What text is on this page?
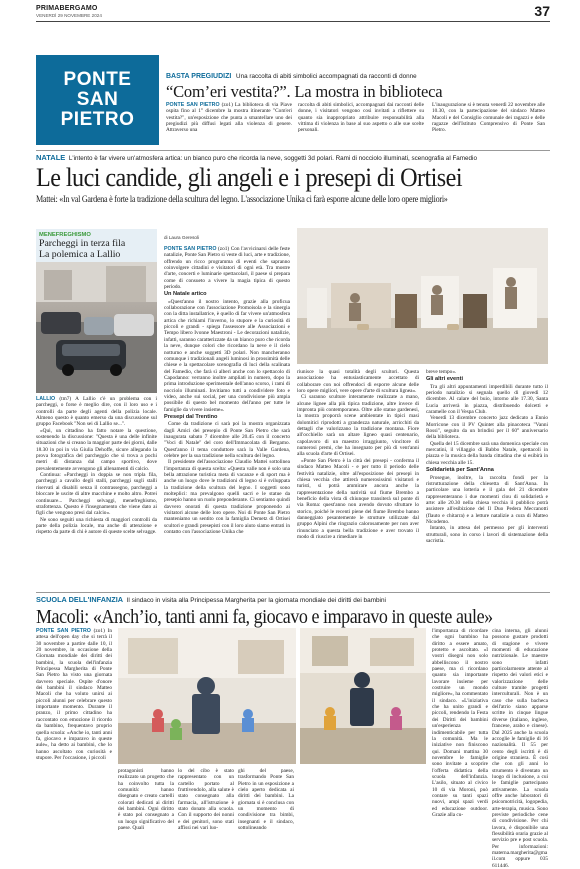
PRIMABERGAMO
VENERDÌ 29 NOVEMBRE 2024	37
PONTE
SAN
PIETRO
BASTA PREGIUDIZI Una raccolta di abiti simbolici accompagnati da racconti di donne
“Com’eri vestita?”. La mostra in biblioteca

PONTE SAN PIETRO (zo1) La biblioteca di via Piave ospita fino al 1° dicembre la mostra itinerante "Com'eri vestita?", un'esposizione che punta a smantellare uno dei pregiudizi più diffusi legati alla violenza di genere. Attraverso una

raccolta di abiti simbolici, accompagnati dai racconti delle donne, i visitatori vengono così invitati a riflettere su quanto sia inappropriato attribuire responsabilità alla vittima di violenza in base al suo aspetto o alle sue scelte personali.

L'inaugurazione si è tenuta venerdì 22 novembre alle 10.30, con la partecipazione del sindaco Matteo Macoli e del Consiglio comunale dei ragazzi e delle ragazze dell'Istituto Comprensivo di Ponte San Pietro.

NATALE L'intento è far vivere un'atmosfera artica: un bianco puro che ricorda la neve, soggetti 3d polari. Rami di nocciolo illuminati, scenografia al Famedio
Le luci candide, gli angeli e i presepi di Ortisei
Mattei: «In val Gardena è forte la tradizione della scultura del legno. L'associazione Unika ci farà esporre alcune delle loro opere migliori»
MENEFREGHISMO
Parcheggi in terza fila
La polemica a Lallio

LALLIO (tm7) A Lallio c'è un problema con i parcheggi, o forse è meglio dire, con il loro uso e i controlli da parte degli agenti della polizia locale. Almeno questo è quanto emerso da una discussione sul gruppo Facebook "Non sei di Lallio se...".

«Qui, un cittadino ha fatto notare la questione, sostenendo la discussione: "Questa è una delle infinite situazioni che si creano la maggior parte dei giorni, dalle 18.30 in poi in via Giulia Dehoffe, sicure allegando la prova fotografica del parcheggio che si trova a pochi metri di distanza dal campo sportivo, dove prevalentemente avvengono gli allenamenti di calcio.

Continua: «Parcheggi in doppia se non tripla fila, parcheggi a cavallo degli stalli, parcheggi sugli stalli riservati ai disabili senza il contrassegno, parcheggi a bloccare le uscite di altre macchine e molto altro. Potrei continuare... Parcheggi selvaggi, menefreghismo, strafottenza. Questo è l'insegnamento che viene dato ai figli che vengono presi dal calcio».

Ne sono seguiti una richiesta di maggiori controlli da parte della polizia locale, ma anche di attenzione e rispetto da parte di chi è autore di queste scelte selvagge.

di Laura Geresoli

PONTE SAN PIETRO (zo1) Con l'avvicinarsi delle feste natalizie, Ponte San Pietro si veste di luci, arte e tradizione, offrendo un ricco programma di eventi che sapranno coinvolgere cittadini e visitatori di ogni età. Tra mostre d'arte, concerti e luminarie spettacolari, il paese si prepara come di consueto a vivere la magia tipica di questo periodo.

Un Natale artico

«Quest'anno il nostro intento, grazie alla proficua collaborazione con l'associazione Promoisola e la sinergia con la ditta installatrice, è quello di far vivere un'atmosfera artica che richiami l'inverno, lo stupore e la curiosità di piccoli e grandi - spiega l'assessore alle Associazioni e Tempo libero Ivonne Maestroni - Le decorazioni natalizie, infatti, saranno caratterizzate da un bianco puro che ricorda la neve, dunque colori che ricordano la neve e il cielo notturno e anche soggetti 3D polari. Non mancheranno comunque i tradizionali angeli luminosi in prossimità delle chiese e la spettacolare scenografia di luci della scalinata del Famedio, che farà sì alberi anche con lo spettacolo di Capodanno: verranno inoltre ampliati in numero, dopo la prima introduzione sperimentale dell'anno scorso, i rami di nocciolo illuminati. Invitiamo tutti a condividere foto e video, anche sui social, per una condivisione più ampia possibile di questo bel momento dell'anno per tutte le famiglie da vivere insieme».

Presepi dal Trentino

Come da tradizione ci sarà poi la mostra organizzata dagli Amici dei presepio di Ponte San Pietro che sarà inaugurata sabato 7 dicembre alle 20.45 con il concerto "Voci di Natale" del coro dell'Immacolata di Bergamo. Quest'anno il tema conduttore sarà la Valle Gardena, celebre per la sua tradizione nella scultura del legno.

Il presidente dell'associazione Claudio Mattei sottolinea l'importanza di questa scelta: «Questa valle non è solo una bella attrazione turistica meta di vacanze e di sport ma è anche un luogo dove le tradizioni di legno si è sviluppata la tradizione della scultura del legno. I soggetti sono molteplici: ma prevalgono quelli sacri e le statue da presepio hanno un ruolo preponderante. Ci sentiamo quindi davvero onorati di questa tradizione proponendo ai visitatori alcune delle loro opere. Noi di Ponte San Pietro manteniamo un sentito con la famiglia Demetz di Ortisei scultori e grandi presepisti con il loro aiuto siamo entrati in contatto con l'associazione Unika che

riunisce la quasi totalità degli scultori. Questa associazione ha entusiasticamente accettato di collaborare con noi offrendoci di esporre alcune delle loro opere migliori, vere opere d'arte di scultura lignea».

Ci saranno sculture interamente realizzate a mano, alcune lignee alla più tipica tradizione, altre invece di impronta più contemporanea. Oltre alle statue gardenesi, la mostra proporrà scene ambientate in tipici masi dolomitici riprodotti a grandezza naturale, arricchiti da dettagli che valorizzano la tradizione montana. Fiore all'occhiello sarà un altare ligneo quasi centenario, capolavoro di un maestro irraggiunto, vincitore di numerosi premi, che ha insegnato per più di vent'anni alla scuola d'arte di Ortisei.

«Ponte San Pietro è la città dei presepi - conferma il sindaco Matteo Macoli - e per tutto il periodo delle festività natalizie, oltre all'esposizione dei presepi in chiesa vecchia che attirerà numerosissimi visitatori e turisti, si potrà ammirare ancora anche la rappresentazione della natività sul fiume Brembo a beneficio della vista di chiunque transiterà sul ponte di via Roma: quest'anno non avendo dovuto sfruttare lo storico, poiché le recenti piene del fiume Brembo hanno danneggiato pesantemente le strutture utilizzate dal gruppo Alpini che ringrazio calorosamente per non aver rinunciato a questa bella tradizione e aver trovato il modo di riuscire a rimediare in

breve tempo».

Gli altri eventi

Tra gli altri appuntamenti imperdibili durante tutto il periodo natalizio si segnala quello di giovedì 12 dicembre. Al calare del buio, intorno alle 17.30, Santa Lucia arriverà in piazza, distribuendo dolcetti e caramelle con il Vespa Club.

Venerdì 13 dicembre concerto jazz dedicato a Ennio Morricone con il PV Quintet alla pinacoteca "Vanni Rossi", seguito da un brindisi per il 60° anniversario della biblioteca.

Quella del 15 dicembre sarà una domenica speciale con mercatini, il villaggio di Babbo Natale, spettacoli in piazza e la musica della banda cittadina che si esibirà in chiesa vecchia alle 15.

Solidarietà per Sant'Anna

Prosegue, inoltre, la raccolta fondi per la ristrutturazione della chiesetta di Sant'Anna. In particolare una lotteria e il gala del 21 dicembre rappresenteranno i due momenti clou di solidarietà e arte: alle 20.30 nella chiesa vecchia il pubblico potrà assistere all'esibizione del Il Duo Pedera Meccanotti (flauto e chitarra) e a letture natalizie a cura di Matteo Nicodemo.

Intanto, in attesa del permesso per gli interventi strutturali, sono in corso i lavori di sistemazione della sacristia.

SCUOLA DELL'INFANZIA Il sindaco in visita alla Principessa Margherita per la giornata mondiale dei diritti dei bambini
Macoli: «Anch’io, tanti anni fa, giocavo e imparavo in queste aule»

PONTE SAN PIETRO (zo1) In attesa dell'open day che si terrà il 30 novembre a partire dalle 10, il 20 novembre, in occasione della Giornata mondiale dei diritti dei bambini, la scuola dell'infanzia Principessa Margherita di Ponte San Pietro ha visto una giornata davvero speciale. Ospite d'onore dei bambini il sindaco Matteo Macoli che ha voluto unirsi ai piccoli alunni per celebrare questo importante momento. Durante il pranzo, il primo cittadino ha raccontato con emozione il ricordo da bambino, frequentavo proprio quella scuola: «Anche io, tanti anni fa, giocavo e imparavo in queste aule», ha detto ai bambini, che lo hanno ascoltato con curiosità e stupore. Per l'occasione, i piccoli

protagonisti hanno realizzato un progetto che ha coinvolto tutta la comunità: hanno disegnato e creato cartelli colorati dedicati ai diritti dei bambini. Ogni diritto è stato poi consegnato a un luogo significativo del paese. Quali

lo del cibo è stato rappresentato con un cartello portato al fruttivendolo, alla salute è stato consegnato alla farmacia, all'istruzione è stato donato alla scuola. Con il supporto dei nonni e dei genitori, sono stati affissi nei vari luo-

ghi del paese, trasformando Ponte San Pietro in un esposizione a cielo aperto dedicata ai diritti dei bambini. La giornata si è conclusa con un momento di condivisione tra bimbi, insegnanti e il sindaco, sottolineando

l'importanza di ricordare che ogni bambino ha diritto a essere amato, protetto e ascoltato. «I vostri disegni non solo abbelliscono il nostro paese, ma ci ricordano quanto sia importante lavorare insieme per costruire un mondo migliore», ha commentato il sindaco. «L'iniziativa che ha unito grandi e piccoli, rendendo la Festa dei Diritti dei bambini un'esperienza indimenticabile per tutta la comunità. Ma le iniziative non finiscono qui. Domani mattina 30 novembre le famiglie sono invitate a scoprire l'offerta didattica della scuola dell'infanzia. L'asilo, situato al civico 10 di via Moroni, può contare su tanti spazi nuovi, ampi spazi verdi ed educazione outdoor. Grazie alla cu-

cina interna, gli alunni possono gustare prodotti di stagione e vivere momenti di educazione nutrizionale. Le maestre sono infatti particolarmente attente al rispetto dei valori etici e valorizzazione delle culture tramite progetti interculturali. Non è un caso che sulla bacheca dell'atrio siano apparse scritte in cinque lingue diverse (italiano, inglese, francese, arabo e cinese). Dal 2025 anche la scuola accoglie le famiglie di 16 nazionalità. Il 55 per cento degli iscritti è di origine straniera. È così che con gli anni lo strumento è diventato un luogo di inclusione, a cui le famiglie partecipano attivamente. La scuola offre anche laboratori di psicomotricità, logopedia, arte-terapia, musica. Sono previste periodiche cene di condivisione. Per chi lavora, è disponibile una flessibilità oraria grazie al servizio pre e post scuola. Per informazioni: materna.margherita@gmail.com oppure 035 611446.
